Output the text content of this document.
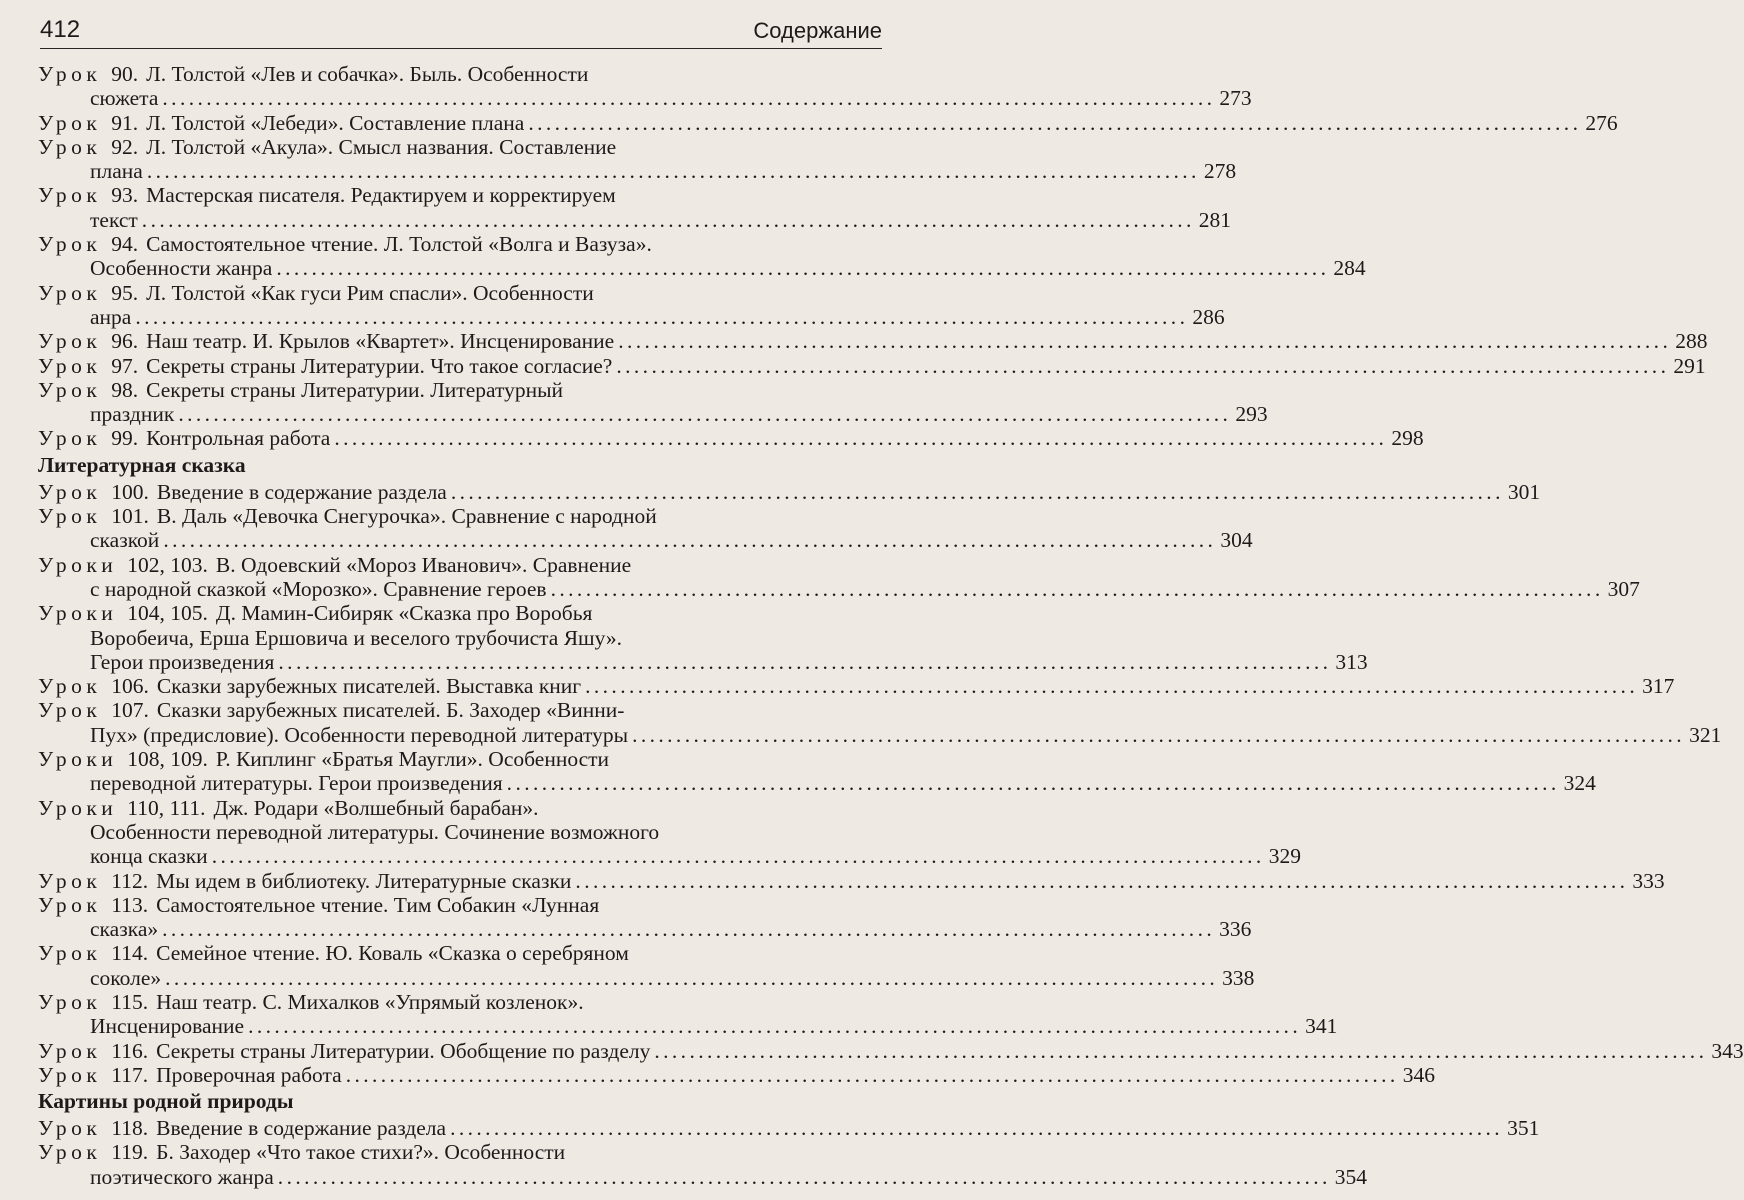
412	Содержание
Урок 90. Л. Толстой «Лев и собачка». Быль. Особенности
сюжета ........................................................................................................................ 273
Урок 91. Л. Толстой «Лебеди». Составление плана ........................................................................................................................ 276
Урок 92. Л. Толстой «Акула». Смысл названия. Составление
плана ........................................................................................................................ 278
Урок 93. Мастерская писателя. Редактируем и корректируем
текст ........................................................................................................................ 281
Урок 94. Самостоятельное чтение. Л. Толстой «Волга и Вазуза».
Особенности жанра ........................................................................................................................ 284
Урок 95. Л. Толстой «Как гуси Рим спасли». Особенности
анра ........................................................................................................................ 286
Урок 96. Наш театр. И. Крылов «Квартет». Инсценирование ........................................................................................................................ 288
Урок 97. Секреты страны Литературии. Что такое согласие? ........................................................................................................................ 291
Урок 98. Секреты страны Литературии. Литературный
праздник ........................................................................................................................ 293
Урок 99. Контрольная работа ........................................................................................................................ 298
Литературная сказка
Урок 100. Введение в содержание раздела ........................................................................................................................ 301
Урок 101. В. Даль «Девочка Снегурочка». Сравнение с народной
сказкой ........................................................................................................................ 304
Уроки 102, 103. В. Одоевский «Мороз Иванович». Сравнение
с народной сказкой «Морозко». Сравнение героев ........................................................................................................................ 307
Уроки 104, 105. Д. Мамин-Сибиряк «Сказка про Воробья
Воробеича, Ерша Ершовича и веселого трубочиста Яшу».
Герои произведения ........................................................................................................................ 313
Урок 106. Сказки зарубежных писателей. Выставка книг ........................................................................................................................ 317
Урок 107. Сказки зарубежных писателей. Б. Заходер «Винни-
Пух» (предисловие). Особенности переводной литературы ........................................................................................................................ 321
Уроки 108, 109. Р. Киплинг «Братья Маугли». Особенности
переводной литературы. Герои произведения ........................................................................................................................ 324
Уроки 110, 111. Дж. Родари «Волшебный барабан».
Особенности переводной литературы. Сочинение возможного
конца сказки ........................................................................................................................ 329
Урок 112. Мы идем в библиотеку. Литературные сказки ........................................................................................................................ 333
Урок 113. Самостоятельное чтение. Тим Собакин «Лунная
сказка» ........................................................................................................................ 336
Урок 114. Семейное чтение. Ю. Коваль «Сказка о серебряном
соколе» ........................................................................................................................ 338
Урок 115. Наш театр. С. Михалков «Упрямый козленок».
Инсценирование ........................................................................................................................ 341
Урок 116. Секреты страны Литературии. Обобщение по разделу ........................................................................................................................ 343
Урок 117. Проверочная работа ........................................................................................................................ 346
Картины родной природы
Урок 118. Введение в содержание раздела ........................................................................................................................ 351
Урок 119. Б. Заходер «Что такое стихи?». Особенности
поэтического жанра ........................................................................................................................ 354
